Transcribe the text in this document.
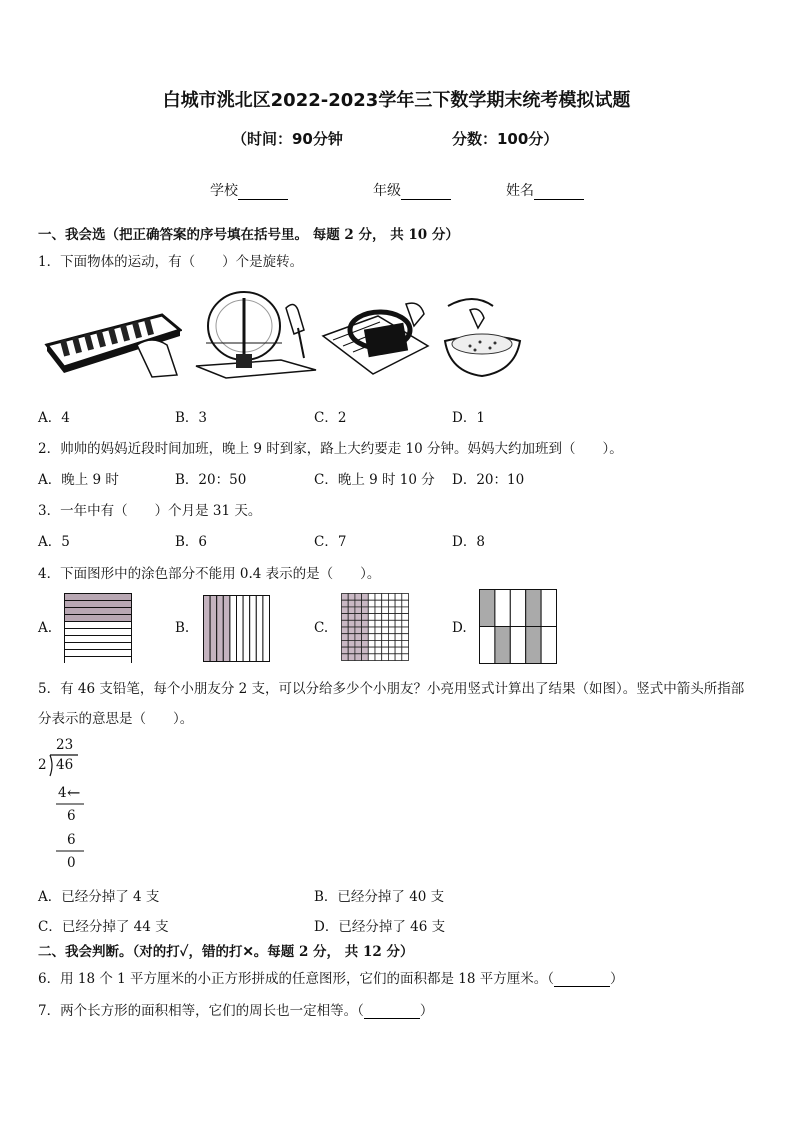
白城市洮北区2022-2023学年三下数学期末统考模拟试题
（时间：90分钟	分数：100分）
学校	年级	姓名
一、我会选（把正确答案的序号填在括号里。 每题 2 分， 共 10 分）
1．下面物体的运动，有（　　）个是旋转。
A．4	B．3	C．2	D．1
2．帅帅的妈妈近段时间加班，晚上 9 时到家，路上大约要走 10 分钟。妈妈大约加班到（　　）。
A．晚上 9 时	B．20：50	C．晚上 9 时 10 分 D．20：10
3．一年中有（　　）个月是 31 天。
A．5	B．6	C．7	D．8
4．下面图形中的涂色部分不能用 0.4 表示的是（　　）。
A.	B.	C.	D.
5．有 46 支铅笔，每个小朋友分 2 支，可以分给多少个小朋友？小亮用竖式计算出了结果（如图）。竖式中箭头所指部
分表示的意思是（　　）。
23
2 46
4 ←
6
6
0
A．已经分掉了 4 支	B．已经分掉了 40 支
C．已经分掉了 44 支	D．已经分掉了 46 支
二、我会判断。（对的打✓，错的打✕。每题 2 分， 共 12 分）
6．用 18 个 1 平方厘米的小正方形拼成的任意图形，它们的面积都是 18 平方厘米。（	）
7．两个长方形的面积相等，它们的周长也一定相等。（	）
